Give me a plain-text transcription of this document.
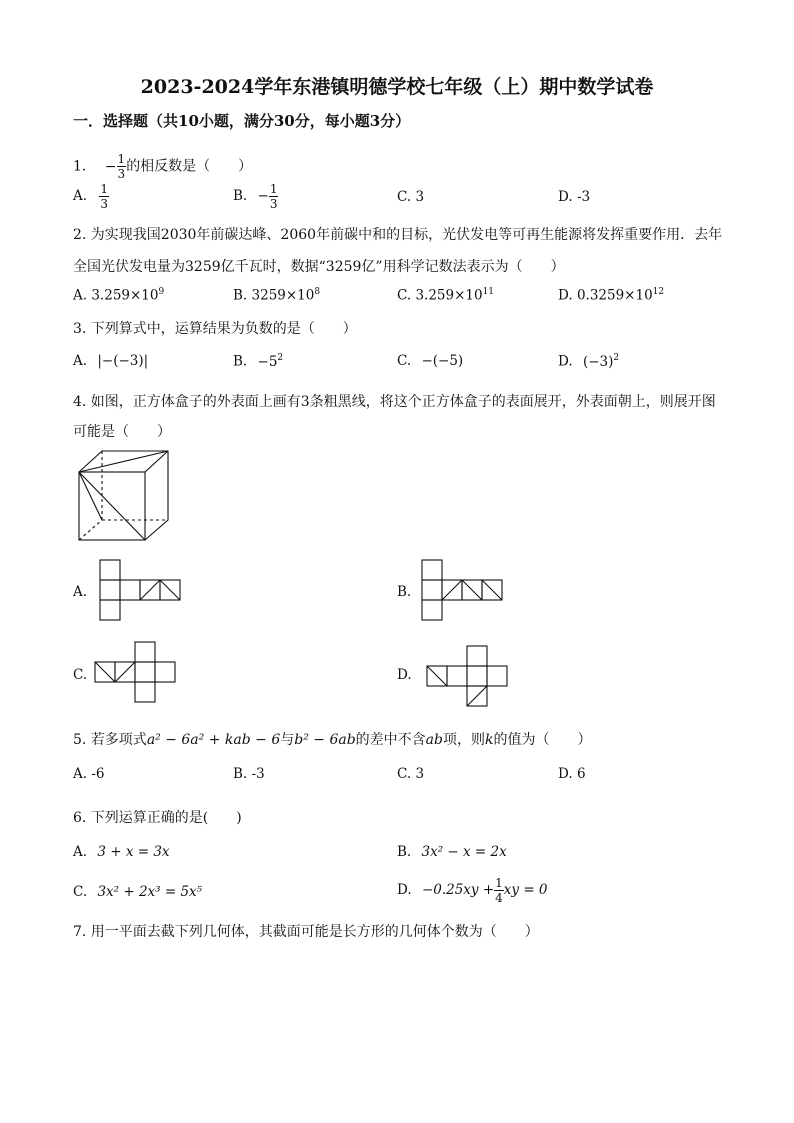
2023-2024学年东港镇明德学校七年级（上）期中数学试卷
一．选择题（共10小题，满分30分，每小题3分）
1. − $\frac{1}{3}$ 的相反数是（　　）
A. $\frac{1}{3}$	B. − $\frac{1}{3}$	C. 3	D. -3
2. 为实现我国2030年前碳达峰、2060年前碳中和的目标，光伏发电等可再生能源将发挥重要作用．去年
全国光伏发电量为3259亿千瓦时，数据“3259亿”用科学记数法表示为（　　）
A. $3.259\times 10^9$	B. $3259\times 10^8$	C. $3.259\times 10^{11}$	D. $0.3259\times 10^{12}$
3. 下列算式中，运算结果为负数的是（　　）
A. |−(−3)|	B. $-5^2$	C. −(−5)	D. $(-3)^2$
4. 如图，正方体盒子的外表面上画有3条粗黑线，将这个正方体盒子的表面展开，外表面朝上，则展开图
可能是（　　）
A.	B.
C.	D.
5. 若多项式a² − 6a² + kab − 6与b² − 6ab的差中不含ab项，则k的值为（　　）
A. -6	B. -3	C. 3	D. 6
6. 下列运算正确的是(　　)
A. 3 + x = 3x	B. 3x² − x = 2x
C. 3x² + 2x³ = 5x⁵	D. $-0.25xy + \frac{1}{4}$ xy = 0
7. 用一平面去截下列几何体，其截面可能是长方形的几何体个数为（　　）
